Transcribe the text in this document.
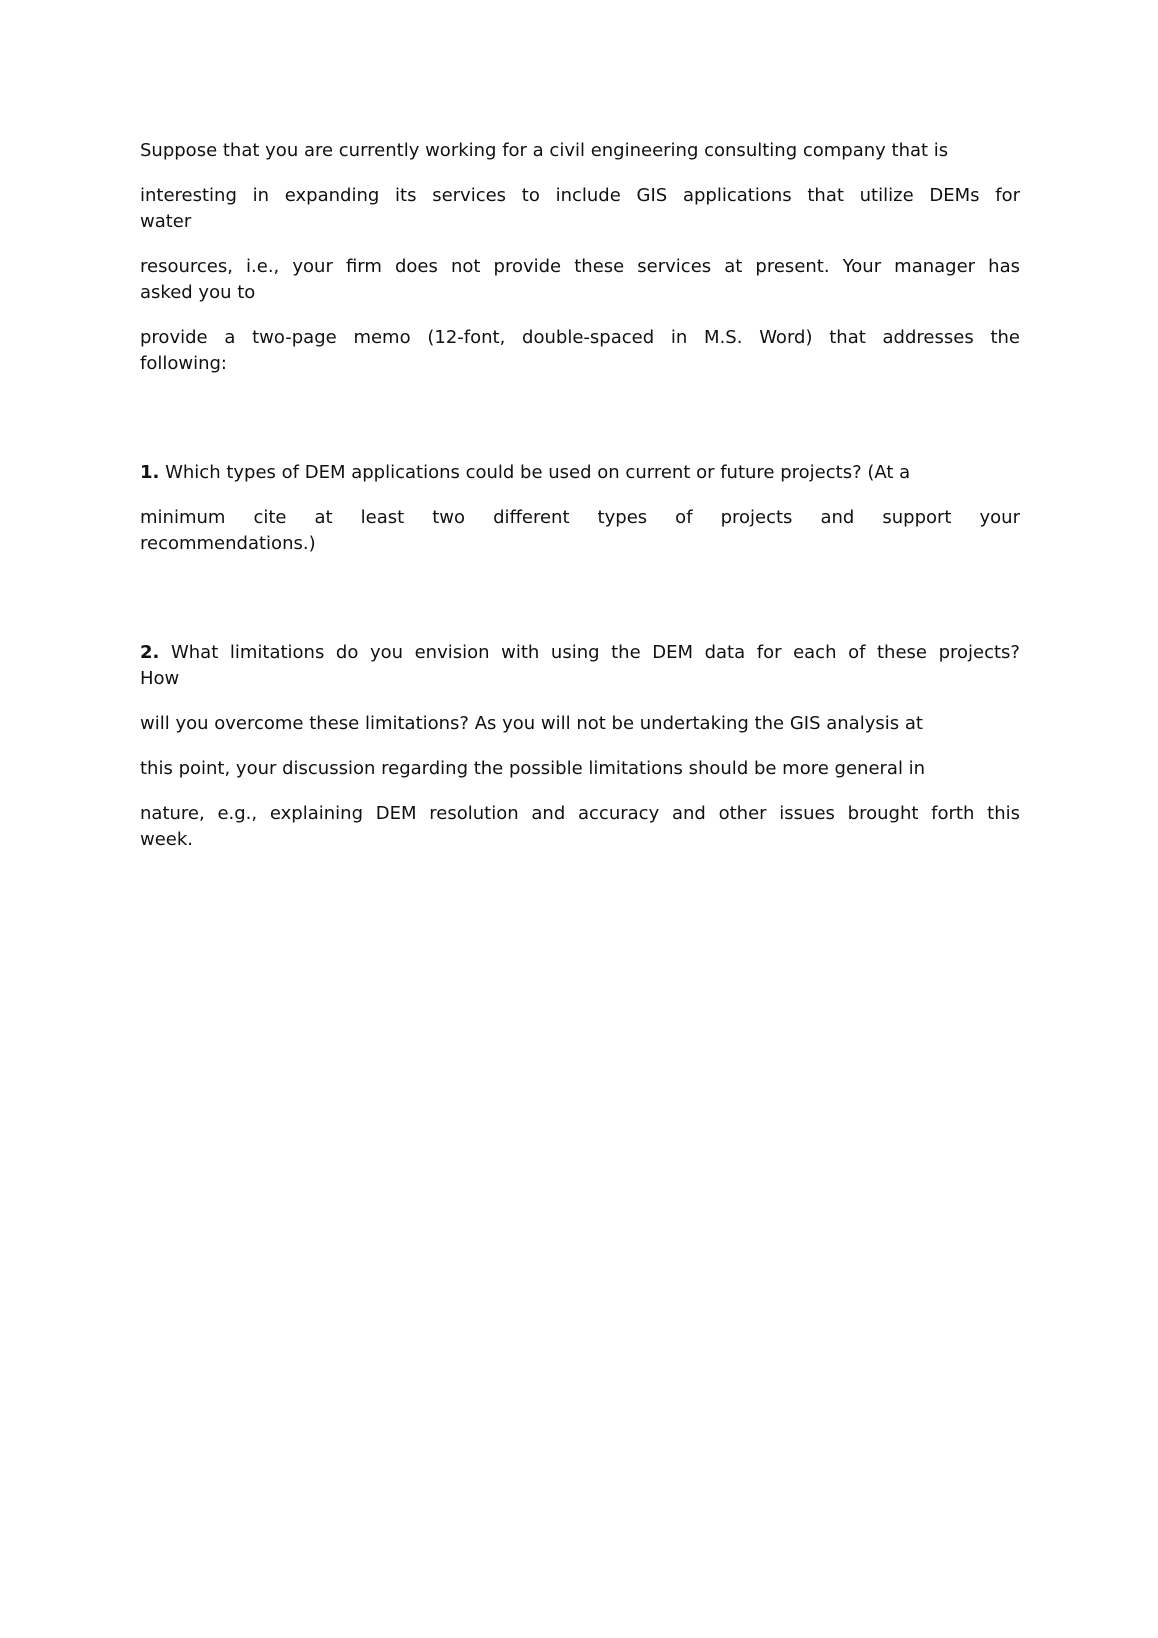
Suppose that you are currently working for a civil engineering consulting company that is

interesting in expanding its services to include GIS applications that utilize DEMs for
water

resources, i.e., your firm does not provide these services at present. Your manager has
asked you to

provide a two-page memo (12-font, double-spaced in M.S. Word) that addresses the
following:

1. Which types of DEM applications could be used on current or future projects? (At a

minimum cite at least two different types of projects and support your
recommendations.)

2. What limitations do you envision with using the DEM data for each of these projects?
How

will you overcome these limitations? As you will not be undertaking the GIS analysis at

this point, your discussion regarding the possible limitations should be more general in

nature, e.g., explaining DEM resolution and accuracy and other issues brought forth this
week.
